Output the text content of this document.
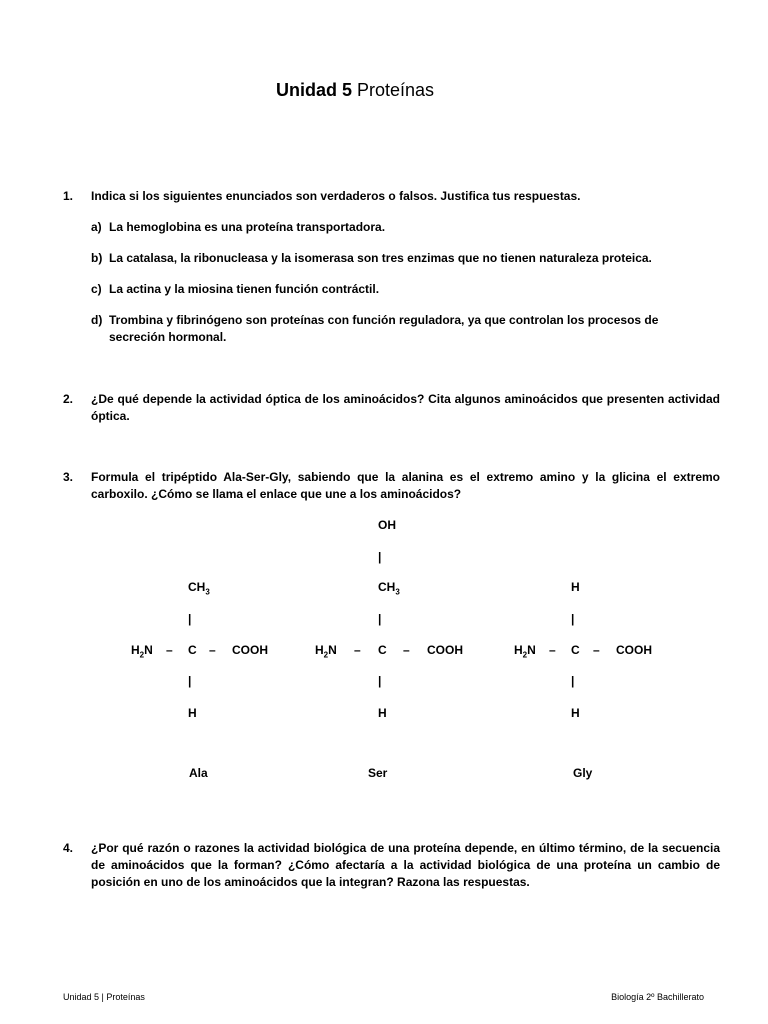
Unidad 5 Proteínas
1. Indica si los siguientes enunciados son verdaderos o falsos. Justifica tus respuestas.
a) La hemoglobina es una proteína transportadora.
b) La catalasa, la ribonucleasa y la isomerasa son tres enzimas que no tienen naturaleza proteica.
c) La actina y la miosina tienen función contráctil.
d) Trombina y fibrinógeno son proteínas con función reguladora, ya que controlan los procesos de secreción hormonal.
2. ¿De qué depende la actividad óptica de los aminoácidos? Cita algunos aminoácidos que presenten actividad óptica.
3. Formula el tripéptido Ala-Ser-Gly, sabiendo que la alanina es el extremo amino y la glicina el extremo carboxilo. ¿Cómo se llama el enlace que une a los aminoácidos?
$CH_3$
|
$H_2N$ – C – COOH
|
H
Ala
OH
|
$CH_3$
|
$H_2N$ – C – COOH
|
H
Ser
H
|
$H_2N$ – C – COOH
|
H
Gly
4. ¿Por qué razón o razones la actividad biológica de una proteína depende, en último término, de la secuencia de aminoácidos que la forman? ¿Cómo afectaría a la actividad biológica de una proteína un cambio de posición en uno de los aminoácidos que la integran? Razona las respuestas.
Unidad 5 | Proteínas	Biología 2º Bachillerato
